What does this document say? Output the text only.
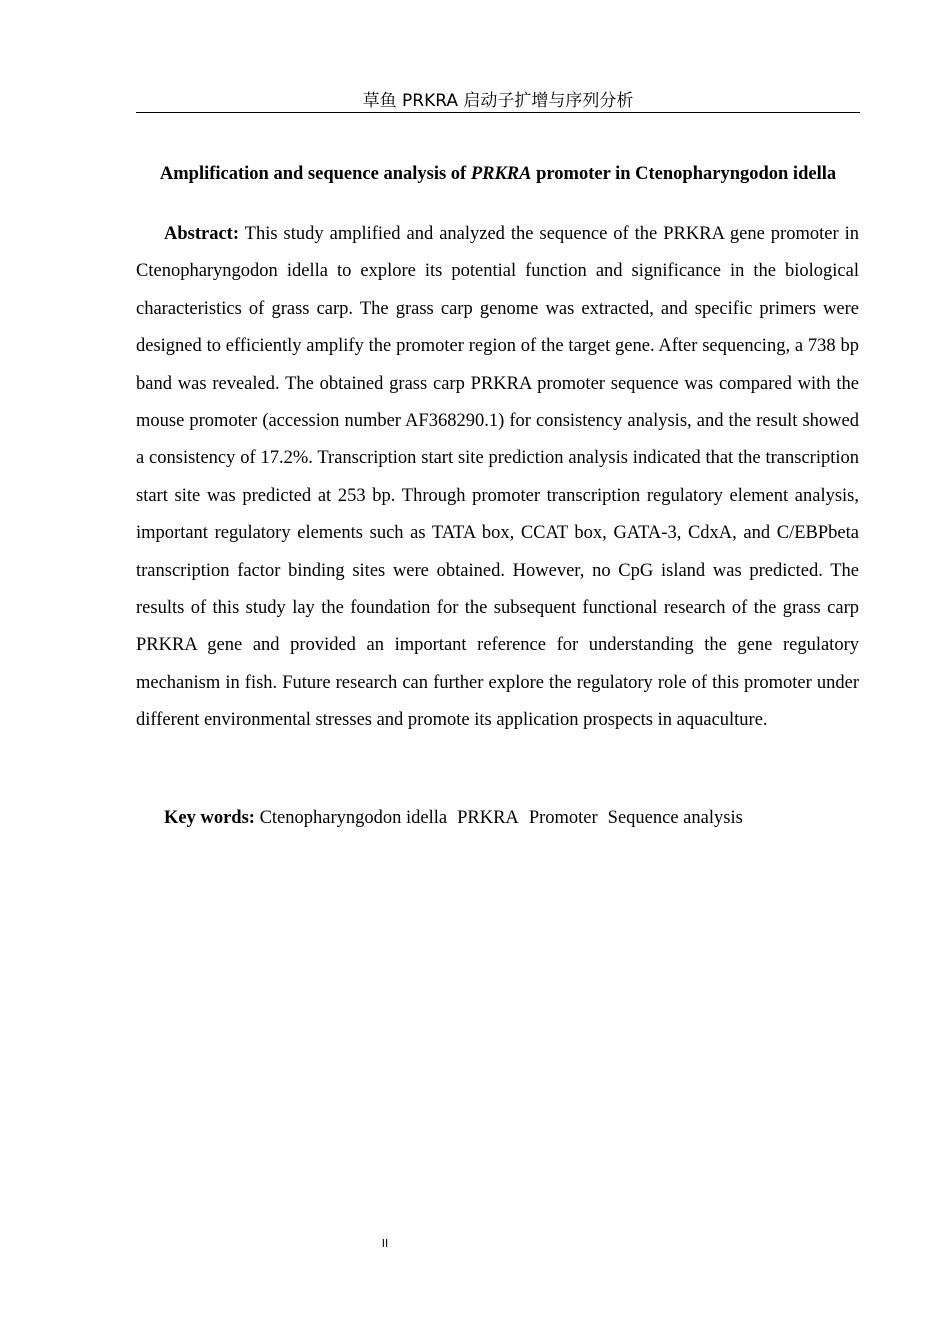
草鱼 PRKRA 启动子扩增与序列分析
Amplification and sequence analysis of PRKRA promoter in Ctenopharyngodon idella

Abstract: This study amplified and analyzed the sequence of the PRKRA gene promoter in Ctenopharyngodon idella to explore its potential function and significance in the biological characteristics of grass carp. The grass carp genome was extracted, and specific primers were designed to efficiently amplify the promoter region of the target gene. After sequencing, a 738 bp band was revealed. The obtained grass carp PRKRA promoter sequence was compared with the mouse promoter (accession number AF368290.1) for consistency analysis, and the result showed a consistency of 17.2%. Transcription start site prediction analysis indicated that the transcription start site was predicted at 253 bp. Through promoter transcription regulatory element analysis, important regulatory elements such as TATA box, CCAT box, GATA-3, CdxA, and C/EBPbeta transcription factor binding sites were obtained. However, no CpG island was predicted. The results of this study lay the foundation for the subsequent functional research of the grass carp PRKRA gene and provided an important reference for understanding the gene regulatory mechanism in fish. Future research can further explore the regulatory role of this promoter under different environmental stresses and promote its application prospects in aquaculture.

Key words: Ctenopharyngodon idella PRKRA Promoter Sequence analysis

II
